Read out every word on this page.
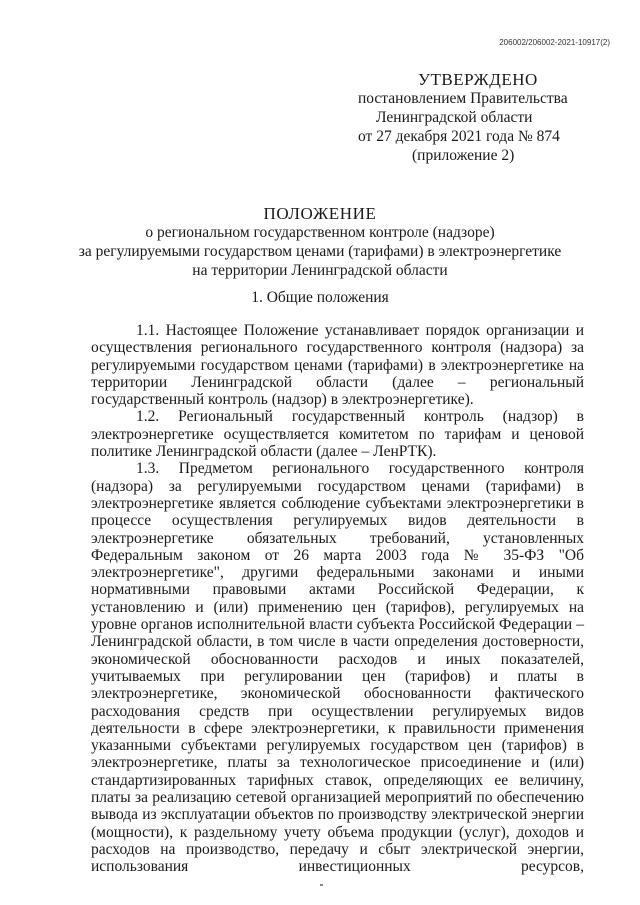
206002/206002-2021-10917(2)
УТВЕРЖДЕНО
постановлением Правительства
Ленинградской области
от 27 декабря 2021 года № 874
(приложение 2)
ПОЛОЖЕНИЕ
о региональном государственном контроле (надзоре)
за регулируемыми государством ценами (тарифами) в электроэнергетике
на территории Ленинградской области
1. Общие положения

1.1. Настоящее Положение устанавливает порядок организации и осуществления регионального государственного контроля (надзора) за регулируемыми государством ценами (тарифами) в электроэнергетике на территории Ленинградской области (далее – региональный государственный контроль (надзор) в электроэнергетике).

1.2. Региональный государственный контроль (надзор) в электроэнергетике осуществляется комитетом по тарифам и ценовой политике Ленинградской области (далее – ЛенРТК).

1.3. Предметом регионального государственного контроля (надзора) за регулируемыми государством ценами (тарифами) в электроэнергетике является соблюдение субъектами электроэнергетики в процессе осуществления регулируемых видов деятельности в электроэнергетике обязательных требований, установленных Федеральным законом от 26 марта 2003 года № 35-ФЗ "Об электроэнергетике", другими федеральными законами и иными нормативными правовыми актами Российской Федерации, к установлению и (или) применению цен (тарифов), регулируемых на уровне органов исполнительной власти субъекта Российской Федерации – Ленинградской области, в том числе в части определения достоверности, экономической обоснованности расходов и иных показателей, учитываемых при регулировании цен (тарифов) и платы в электроэнергетике, экономической обоснованности фактического расходования средств при осуществлении регулируемых видов деятельности в сфере электроэнергетики, к правильности применения указанными субъектами регулируемых государством цен (тарифов) в электроэнергетике, платы за технологическое присоединение и (или) стандартизированных тарифных ставок, определяющих ее величину, платы за реализацию сетевой организацией мероприятий по обеспечению вывода из эксплуатации объектов по производству электрической энергии (мощности), к раздельному учету объема продукции (услуг), доходов и расходов на производство, передачу и сбыт электрической энергии, использования инвестиционных ресурсов,
